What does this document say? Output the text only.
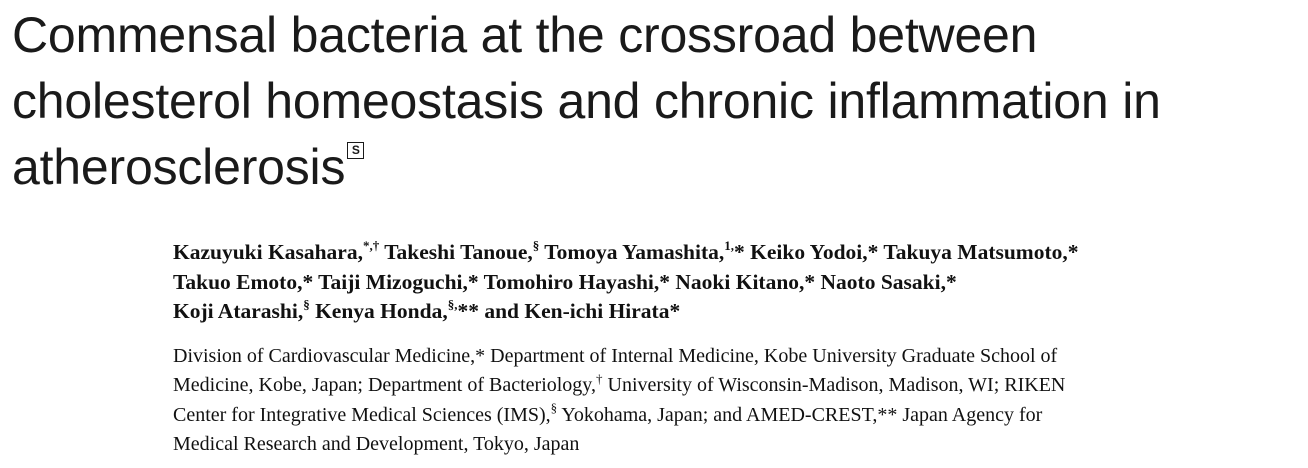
Commensal bacteria at the crossroad between
cholesterol homeostasis and chronic inflammation in
atherosclerosis S
Kazuyuki Kasahara,*,† Takeshi Tanoue,§ Tomoya Yamashita,$^{1,}$* Keiko Yodoi,* Takuya Matsumoto,*
Takuo Emoto,* Taiji Mizoguchi,* Tomohiro Hayashi,* Naoki Kitano,* Naoto Sasaki,*
Koji Atarashi,§ Kenya Honda,§,** and Ken-ichi Hirata*
Division of Cardiovascular Medicine,* Department of Internal Medicine, Kobe University Graduate School of
Medicine, Kobe, Japan; Department of Bacteriology,† University of Wisconsin-Madison, Madison, WI; RIKEN
Center for Integrative Medical Sciences (IMS),§ Yokohama, Japan; and AMED-CREST,** Japan Agency for
Medical Research and Development, Tokyo, Japan
